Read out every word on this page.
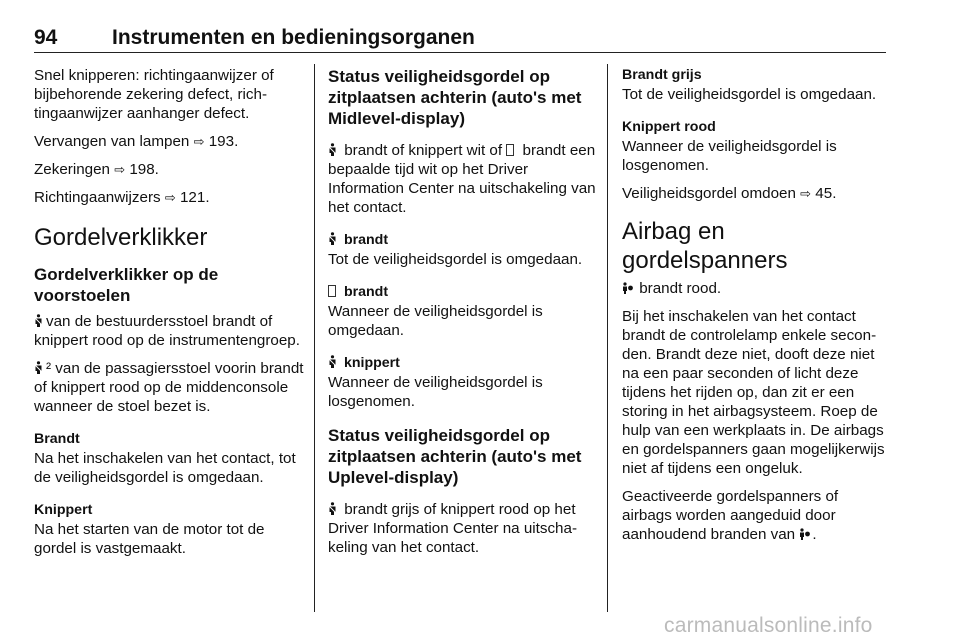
94	Instrumenten en bedieningsorganen

Snel knipperen: richtingaanwijzer of bijbehorende zekering defect, richtingaanwijzer aanhanger defect.

Vervangen van lampen ⇨ 193.

Zekeringen ⇨ 198.

Richtingaanwijzers ⇨ 121.

Gordelverklikker
Gordelverklikker op de voorstoelen

van de bestuurdersstoel brandt of knippert rood op de instrumentengroep.

² van de passagiersstoel voorin brandt of knippert rood op de middenconsole wanneer de stoel bezet is.

Brandt
Na het inschakelen van het contact, tot de veiligheidsgordel is omgedaan.

Knippert
Na het starten van de motor tot de gordel is vastgemaakt.

Status veiligheidsgordel op zitplaatsen achterin (auto's met Midlevel-display)

brandt of knippert wit of  brandt een bepaalde tijd wit op het Driver Information Center na uitschakeling van het contact.

brandt
Tot de veiligheidsgordel is omgedaan.

brandt
Wanneer de veiligheidsgordel is omgedaan.

knippert
Wanneer de veiligheidsgordel is losgenomen.

Status veiligheidsgordel op zitplaatsen achterin (auto's met Uplevel-display)

brandt grijs of knippert rood op het Driver Information Center na uitschakeling van het contact.

Brandt grijs
Tot de veiligheidsgordel is omgedaan.

Knippert rood
Wanneer de veiligheidsgordel is losgenomen.

Veiligheidsgordel omdoen ⇨ 45.

Airbag en gordelspanners

brandt rood.

Bij het inschakelen van het contact brandt de controlelamp enkele seconden. Brandt deze niet, dooft deze niet na een paar seconden of licht deze tijdens het rijden op, dan zit er een storing in het airbagsysteem. Roep de hulp van een werkplaats in. De airbags en gordelspanners gaan mogelijkerwijs niet af tijdens een ongeluk.

Geactiveerde gordelspanners of airbags worden aangeduid door aanhoudend branden van
.

carmanualsonline.info
